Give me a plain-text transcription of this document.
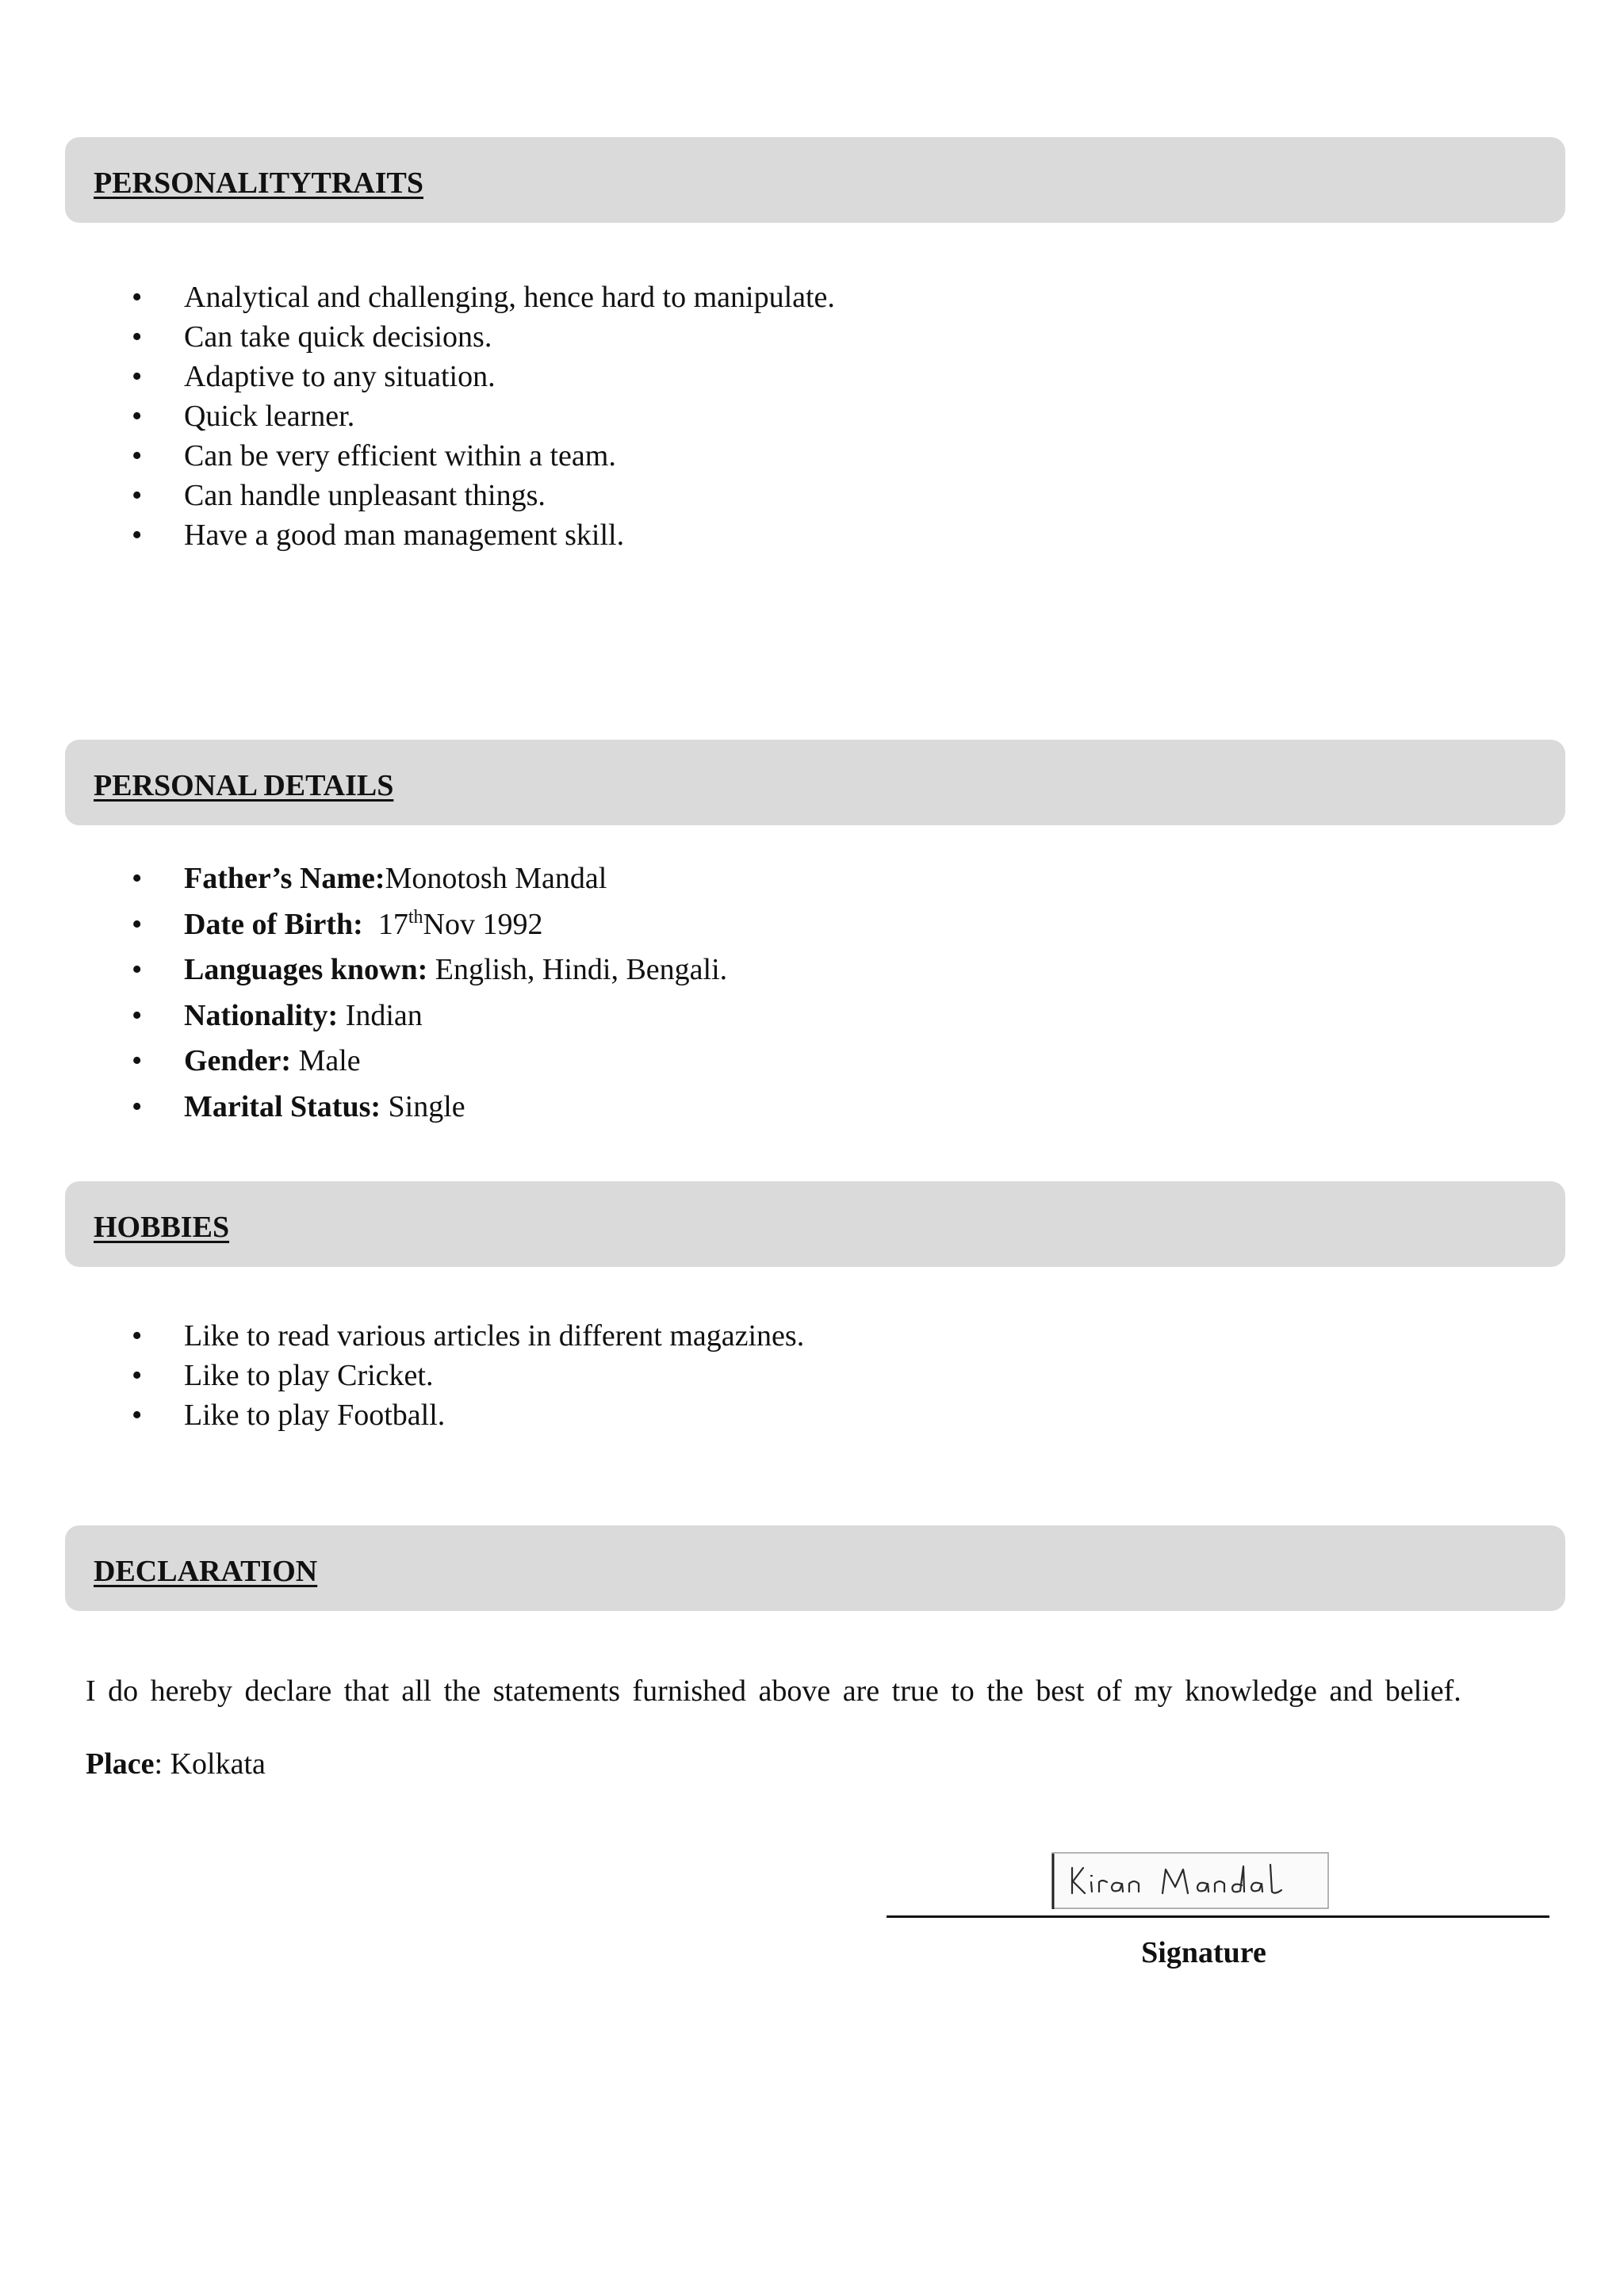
PERSONALITYTRAITS
• Analytical and challenging, hence hard to manipulate.
• Can take quick decisions.
• Adaptive to any situation.
• Quick learner.
• Can be very efficient within a team.
• Can handle unpleasant things.
• Have a good man management skill.
PERSONAL DETAILS
• Father’s Name:Monotosh Mandal
• Date of Birth: 17thNov 1992
• Languages known: English, Hindi, Bengali.
• Nationality: Indian
• Gender: Male
• Marital Status: Single
HOBBIES
• Like to read various articles in different magazines.
• Like to play Cricket.
• Like to play Football.
DECLARATION
I do hereby declare that all the statements furnished above are true to the best of my knowledge and belief.
Place: Kolkata
Signature
